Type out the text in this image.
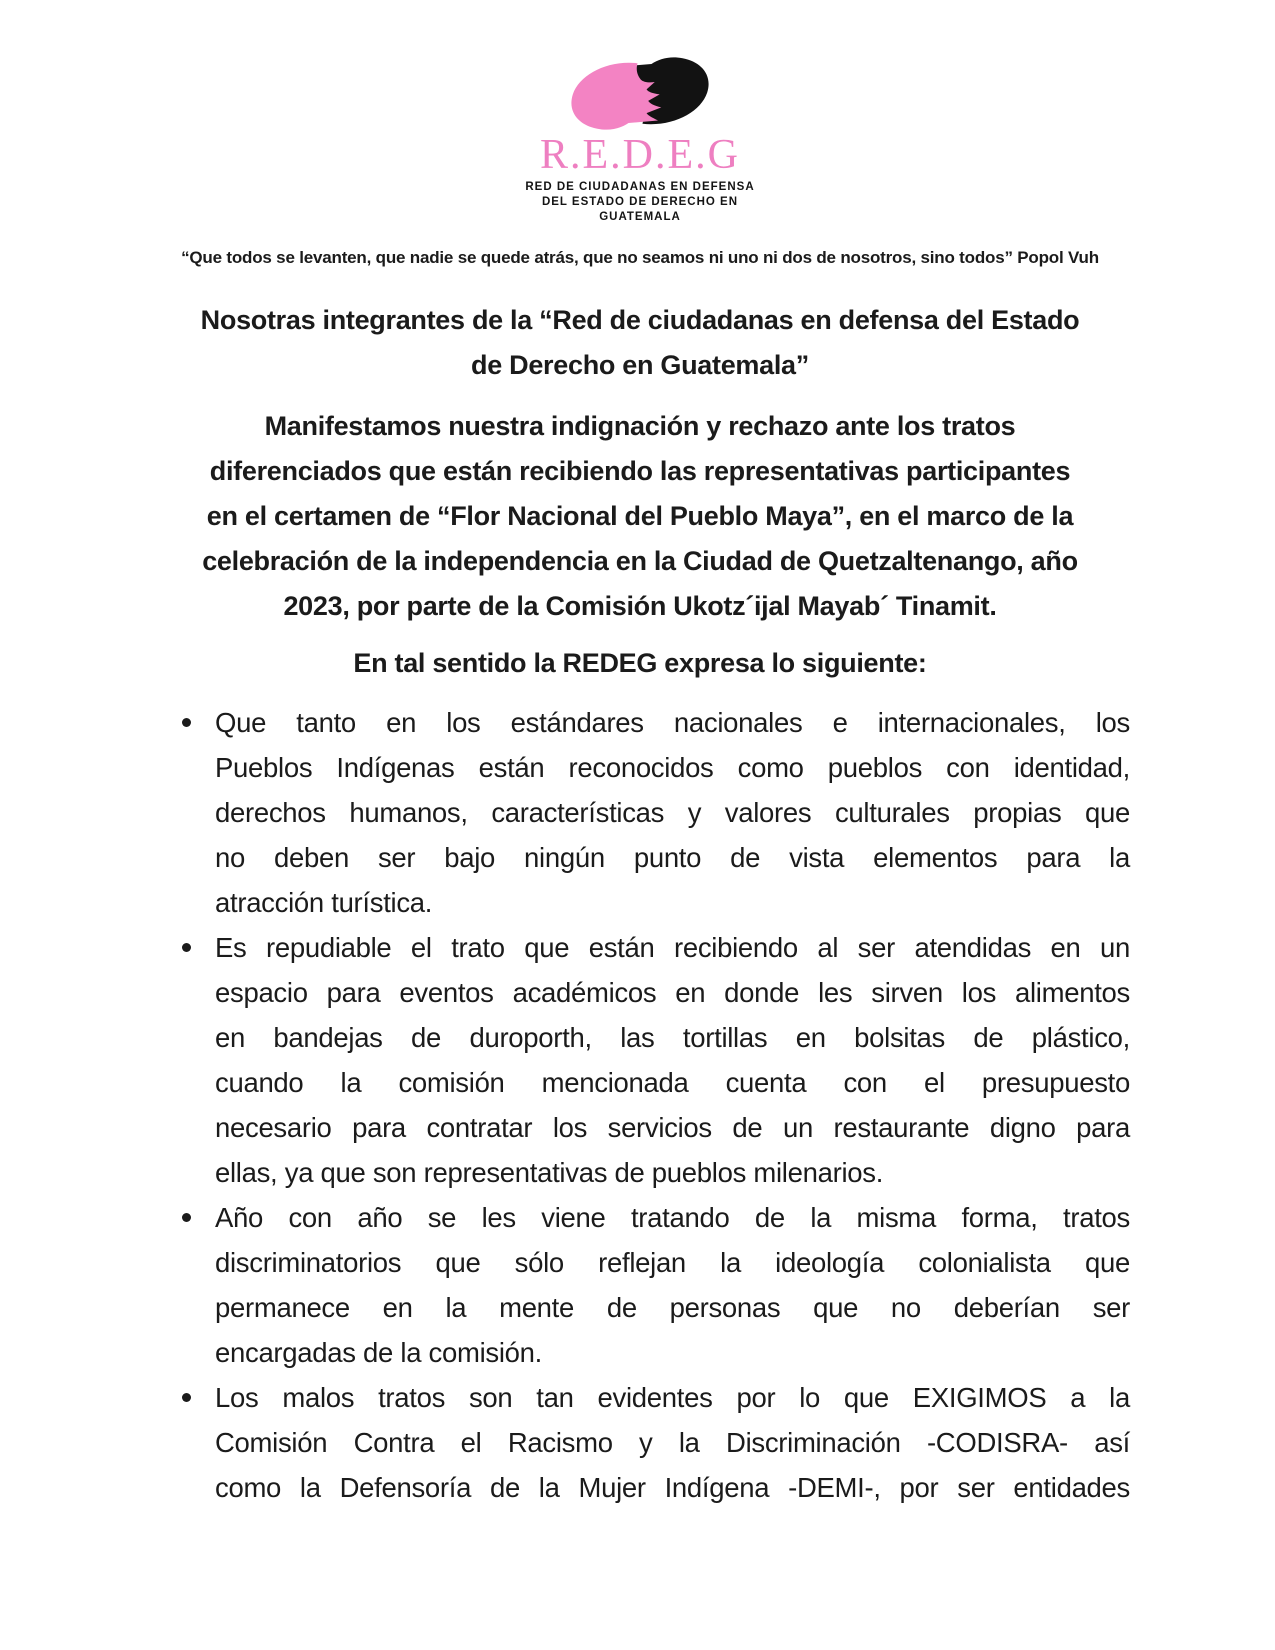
R.E.D.E.G
RED DE CIUDADANAS EN DEFENSA
DEL ESTADO DE DERECHO EN
GUATEMALA

“Que todos se levanten, que nadie se quede atrás, que no seamos ni uno ni dos de nosotros, sino todos” Popol Vuh

Nosotras integrantes de la “Red de ciudadanas en defensa del Estado
de Derecho en Guatemala”
Manifestamos nuestra indignación y rechazo ante los tratos
diferenciados que están recibiendo las representativas participantes
en el certamen de “Flor Nacional del Pueblo Maya”, en el marco de la
celebración de la independencia en la Ciudad de Quetzaltenango, año
2023, por parte de la Comisión Ukotz´ijal Mayab´ Tinamit.
En tal sentido la REDEG expresa lo siguiente:
Que tanto en los estándares nacionales e internacionales, los
Pueblos Indígenas están reconocidos como pueblos con identidad,
derechos humanos, características y valores culturales propias que
no deben ser bajo ningún punto de vista elementos para la
atracción turística.
Es repudiable el trato que están recibiendo al ser atendidas en un
espacio para eventos académicos en donde les sirven los alimentos
en bandejas de duroporth, las tortillas en bolsitas de plástico,
cuando la comisión mencionada cuenta con el presupuesto
necesario para contratar los servicios de un restaurante digno para
ellas, ya que son representativas de pueblos milenarios.
Año con año se les viene tratando de la misma forma, tratos
discriminatorios que sólo reflejan la ideología colonialista que
permanece en la mente de personas que no deberían ser
encargadas de la comisión.
Los malos tratos son tan evidentes por lo que EXIGIMOS a la
Comisión Contra el Racismo y la Discriminación -CODISRA- así
como la Defensoría de la Mujer Indígena -DEMI-, por ser entidades
